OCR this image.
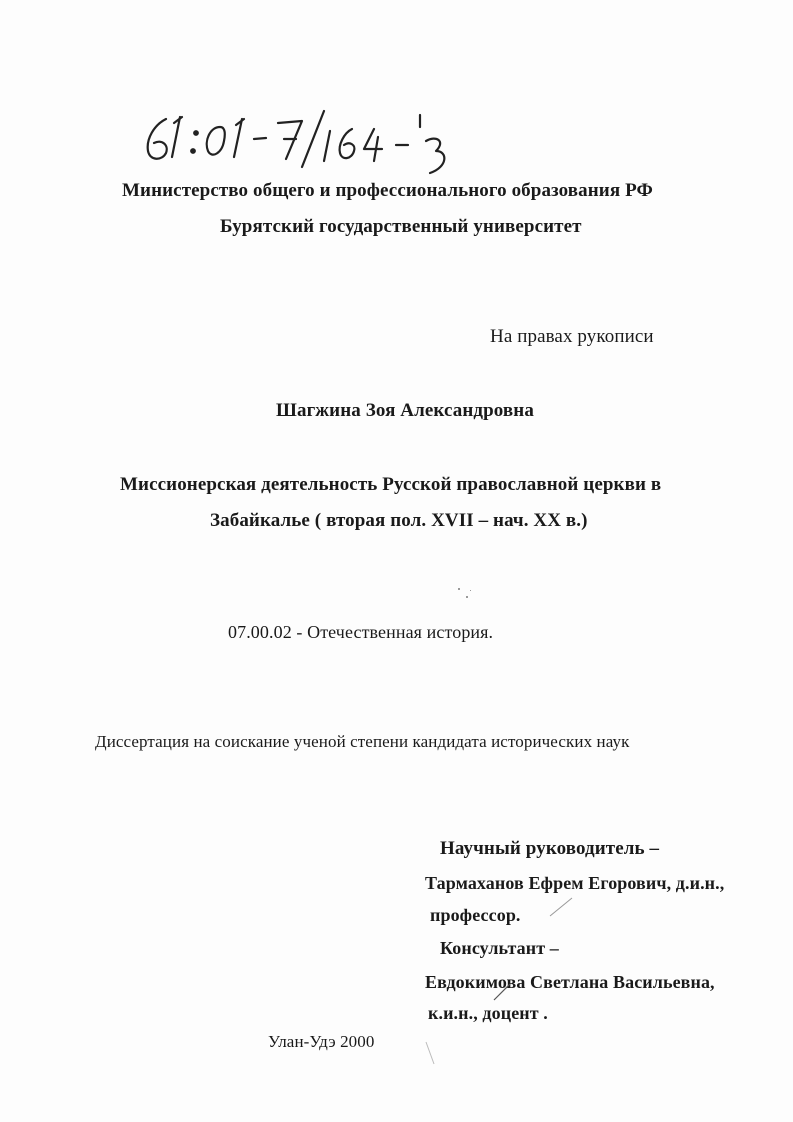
Министерство общего и профессионального образования РФ
Бурятский государственный университет
На правах рукописи
Шагжина Зоя Александровна
Миссионерская деятельность Русской православной церкви в
Забайкалье ( вторая пол. XVII – нач. XX в.)
07.00.02 - Отечественная история.
Диссертация на соискание ученой степени кандидата исторических наук
Научный руководитель –
Тармаханов Ефрем Егорович, д.и.н.,
профессор.
Консультант –
Евдокимова Светлана Васильевна,
к.и.н., доцент .
Улан-Удэ 2000
